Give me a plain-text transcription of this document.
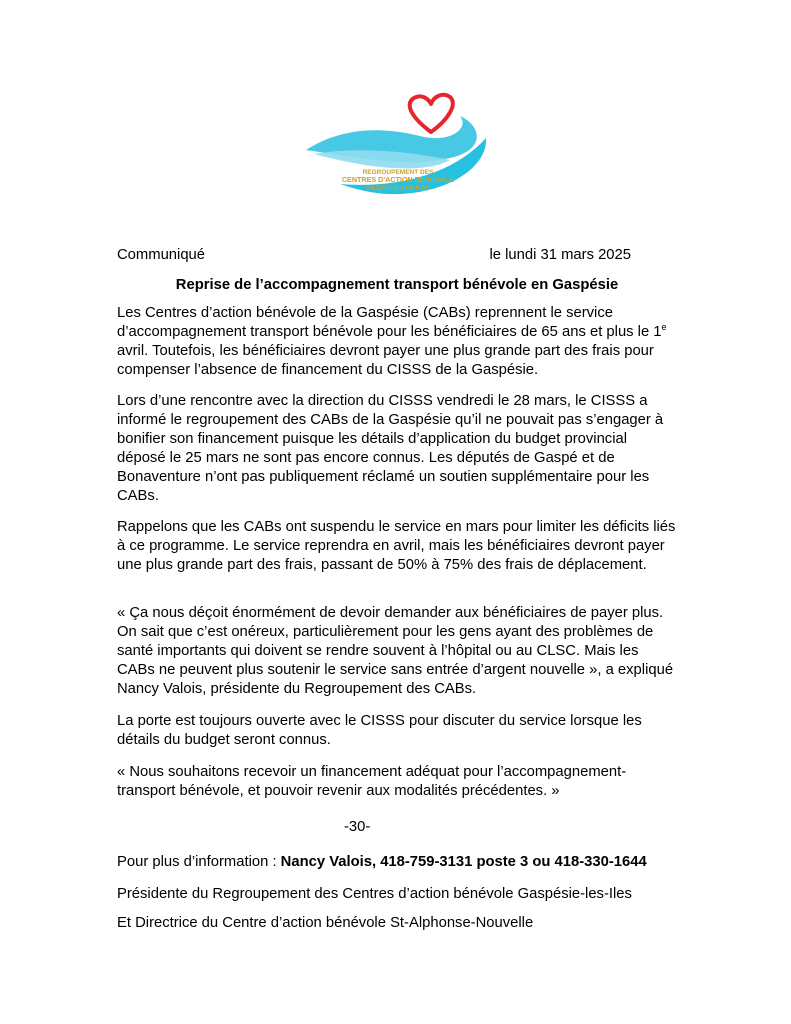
REGROUPEMENT DES
CENTRES D'ACTION BÉNÉVOLE
GASPÉSIE-LES ILES
Communiqué	le lundi 31 mars 2025
Reprise de l’accompagnement transport bénévole en Gaspésie

Les Centres d’action bénévole de la Gaspésie (CABs) reprennent le service d’accompagnement transport bénévole pour les bénéficiaires de 65 ans et plus le 1e avril. Toutefois, les bénéficiaires devront payer une plus grande part des frais pour compenser l’absence de financement du CISSS de la Gaspésie.

Lors d’une rencontre avec la direction du CISSS vendredi le 28 mars, le CISSS a informé le regroupement des CABs de la Gaspésie qu’il ne pouvait pas s’engager à bonifier son financement puisque les détails d’application du budget provincial déposé le 25 mars ne sont pas encore connus. Les députés de Gaspé et de Bonaventure n’ont pas publiquement réclamé un soutien supplémentaire pour les CABs.

Rappelons que les CABs ont suspendu le service en mars pour limiter les déficits liés à ce programme. Le service reprendra en avril, mais les bénéficiaires devront payer une plus grande part des frais, passant de 50% à 75% des frais de déplacement.

« Ça nous déçoit énormément de devoir demander aux bénéficiaires de payer plus. On sait que c’est onéreux, particulièrement pour les gens ayant des problèmes de santé importants qui doivent se rendre souvent à l’hôpital ou au CLSC. Mais les CABs ne peuvent plus soutenir le service sans entrée d’argent nouvelle », a expliqué Nancy Valois, présidente du Regroupement des CABs.

La porte est toujours ouverte avec le CISSS pour discuter du service lorsque les détails du budget seront connus.

« Nous souhaitons recevoir un financement adéquat pour l’accompagnement-transport bénévole, et pouvoir revenir aux modalités précédentes. »

-30-
Pour plus d’information : Nancy Valois, 418-759-3131 poste 3 ou 418-330-1644
Présidente du Regroupement des Centres d’action bénévole Gaspésie-les-Iles
Et Directrice du Centre d’action bénévole St-Alphonse-Nouvelle
